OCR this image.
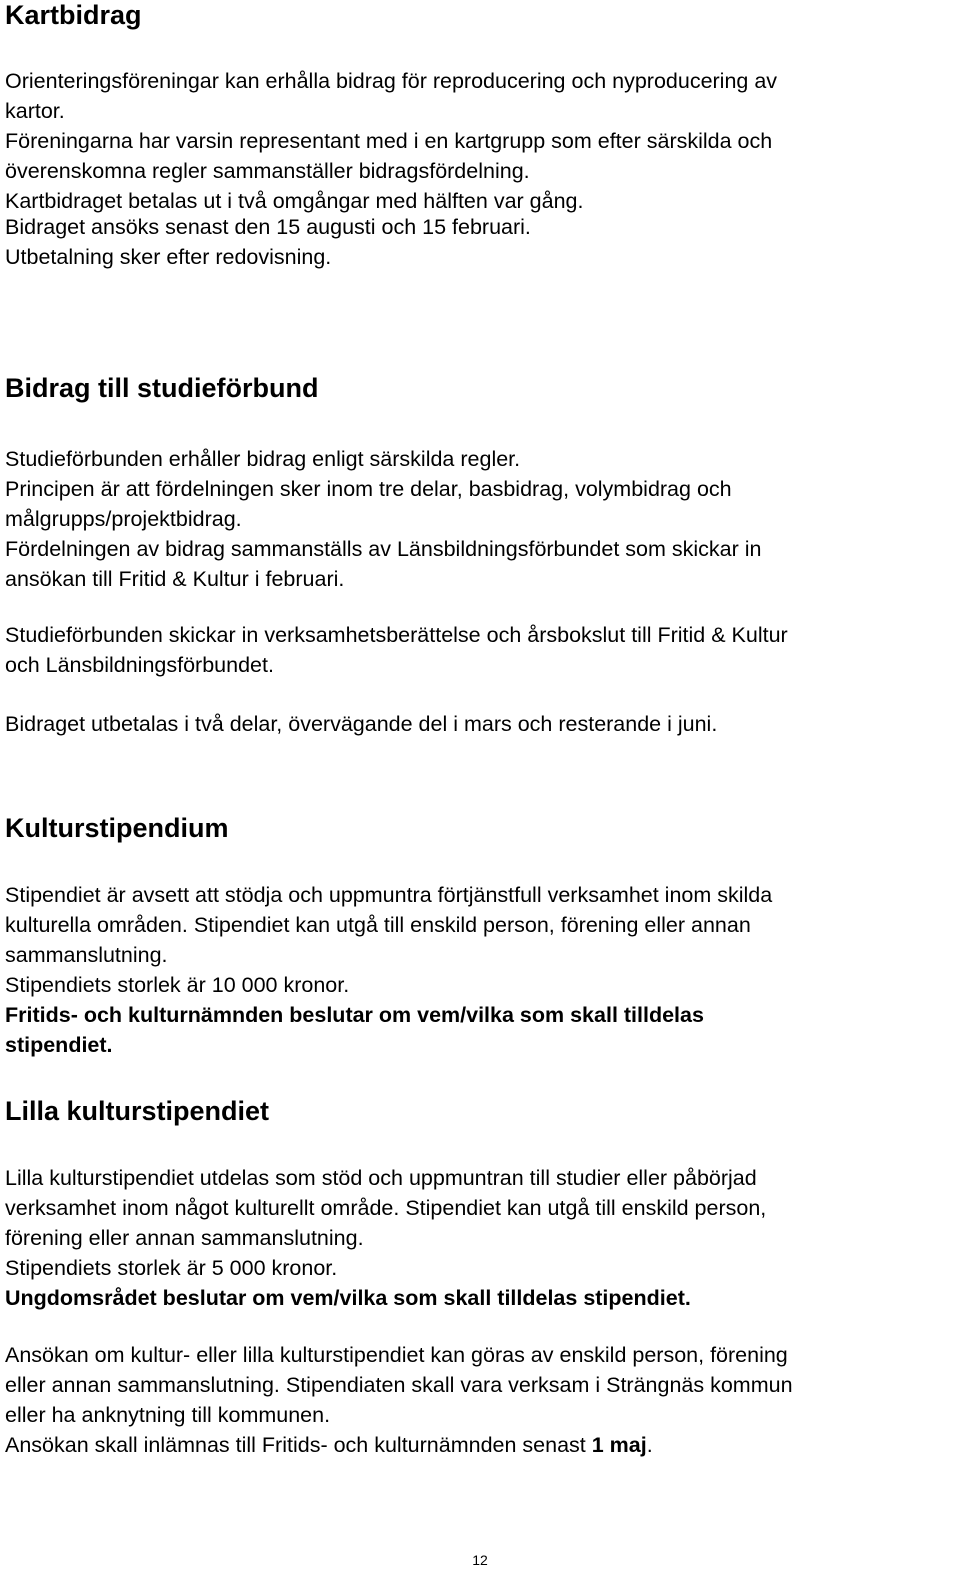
Kartbidrag

Orienteringsföreningar kan erhålla bidrag för reproducering och nyproducering av
kartor.
Föreningarna har varsin representant med i en kartgrupp som efter särskilda och
överenskomna regler sammanställer bidragsfördelning.
Kartbidraget betalas ut i två omgångar med hälften var gång.

Bidraget ansöks senast den 15 augusti och 15 februari.
Utbetalning sker efter redovisning.

Bidrag till studieförbund

Studieförbunden erhåller bidrag enligt särskilda regler.
Principen är att fördelningen sker inom tre delar, basbidrag, volymbidrag och
målgrupps/projektbidrag.
Fördelningen av bidrag sammanställs av Länsbildningsförbundet som skickar in
ansökan till Fritid & Kultur i februari.

Studieförbunden skickar in verksamhetsberättelse och årsbokslut till Fritid & Kultur
och Länsbildningsförbundet.

Bidraget utbetalas i två delar, övervägande del i mars och resterande i juni.

Kulturstipendium

Stipendiet är avsett att stödja och uppmuntra förtjänstfull verksamhet inom skilda
kulturella områden. Stipendiet kan utgå till enskild person, förening eller annan
sammanslutning.
Stipendiets storlek är 10 000 kronor.
Fritids- och kulturnämnden beslutar om vem/vilka som skall tilldelas
stipendiet.

Lilla kulturstipendiet

Lilla kulturstipendiet utdelas som stöd och uppmuntran till studier eller påbörjad
verksamhet inom något kulturellt område. Stipendiet kan utgå till enskild person,
förening eller annan sammanslutning.
Stipendiets storlek är 5 000 kronor.
Ungdomsrådet beslutar om vem/vilka som skall tilldelas stipendiet.

Ansökan om kultur- eller lilla kulturstipendiet kan göras av enskild person, förening
eller annan sammanslutning. Stipendiaten skall vara verksam i Strängnäs kommun
eller ha anknytning till kommunen.
Ansökan skall inlämnas till Fritids- och kulturnämnden senast 1 maj.

12
